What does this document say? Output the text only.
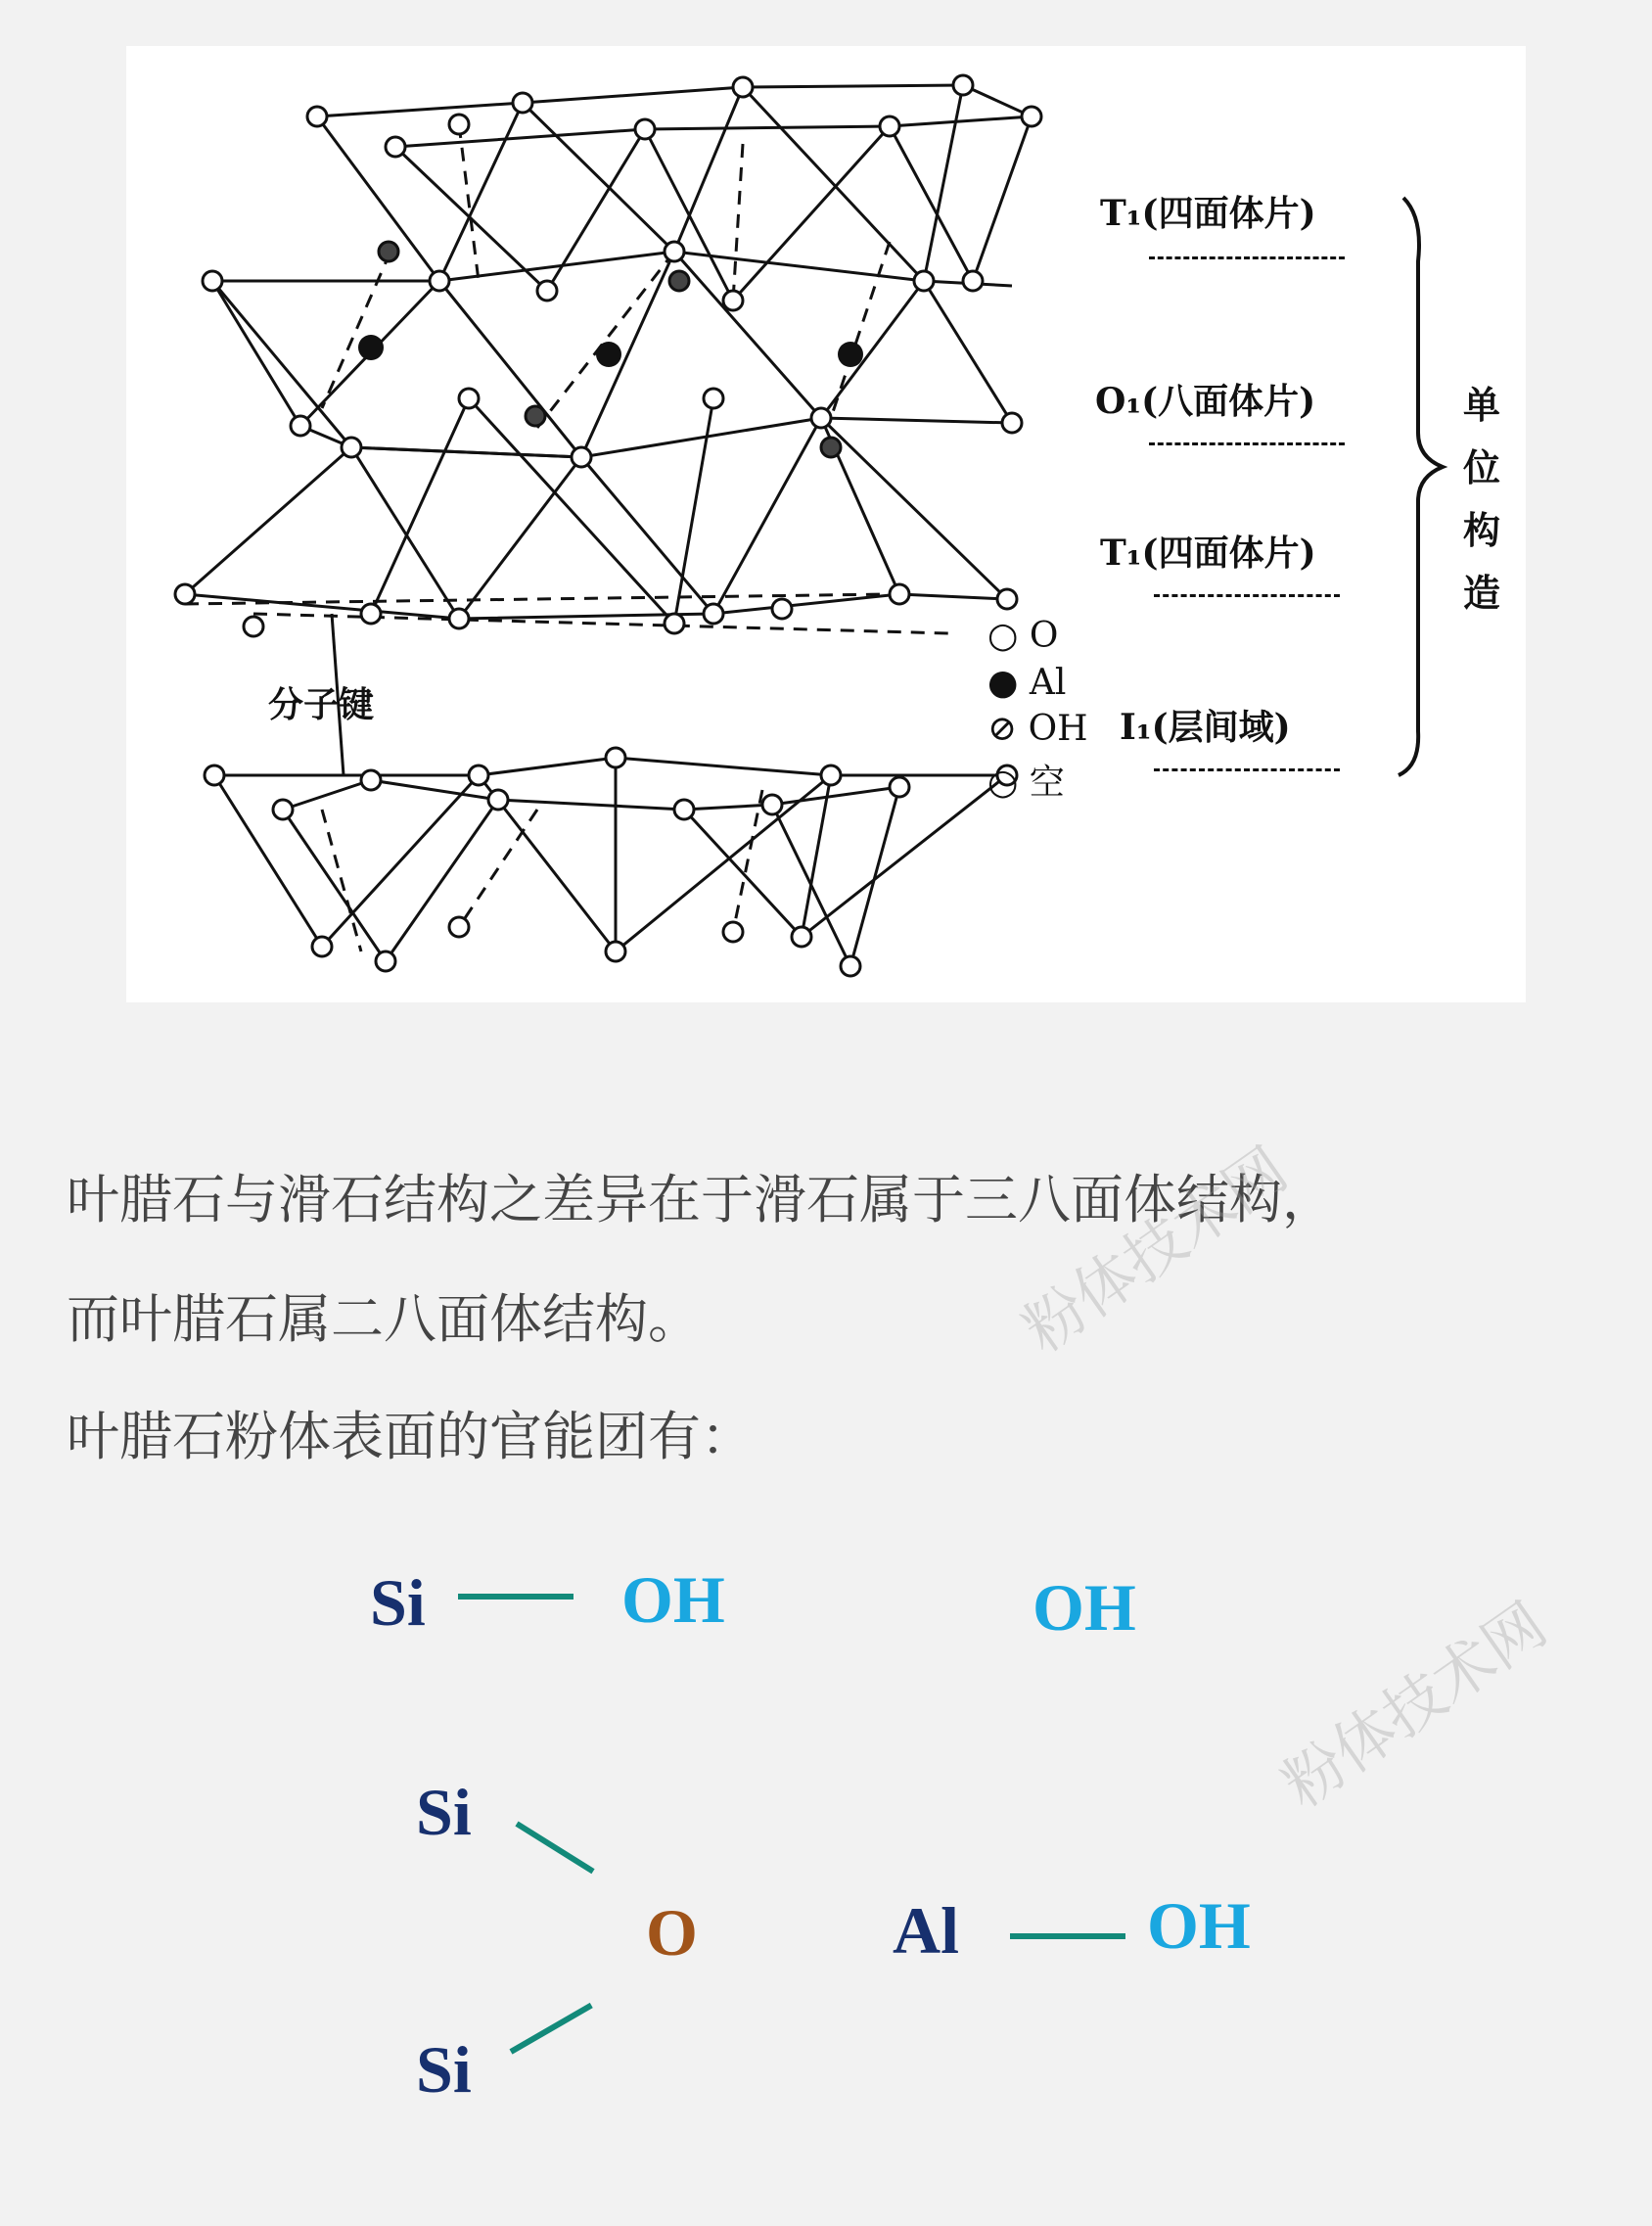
T₁(四面体片)
O₁(八面体片)
T₁(四面体片)
I₁(层间域)
单
位
构
造
分子键
○ O
● Al
⊘ OH
○ 空
叶腊石与滑石结构之差异在于滑石属于三八面体结构，
而叶腊石属二八面体结构。
叶腊石粉体表面的官能团有：
Si	OH	OH
Si
O
Si
Al	OH
粉体技术网
粉体技术网
